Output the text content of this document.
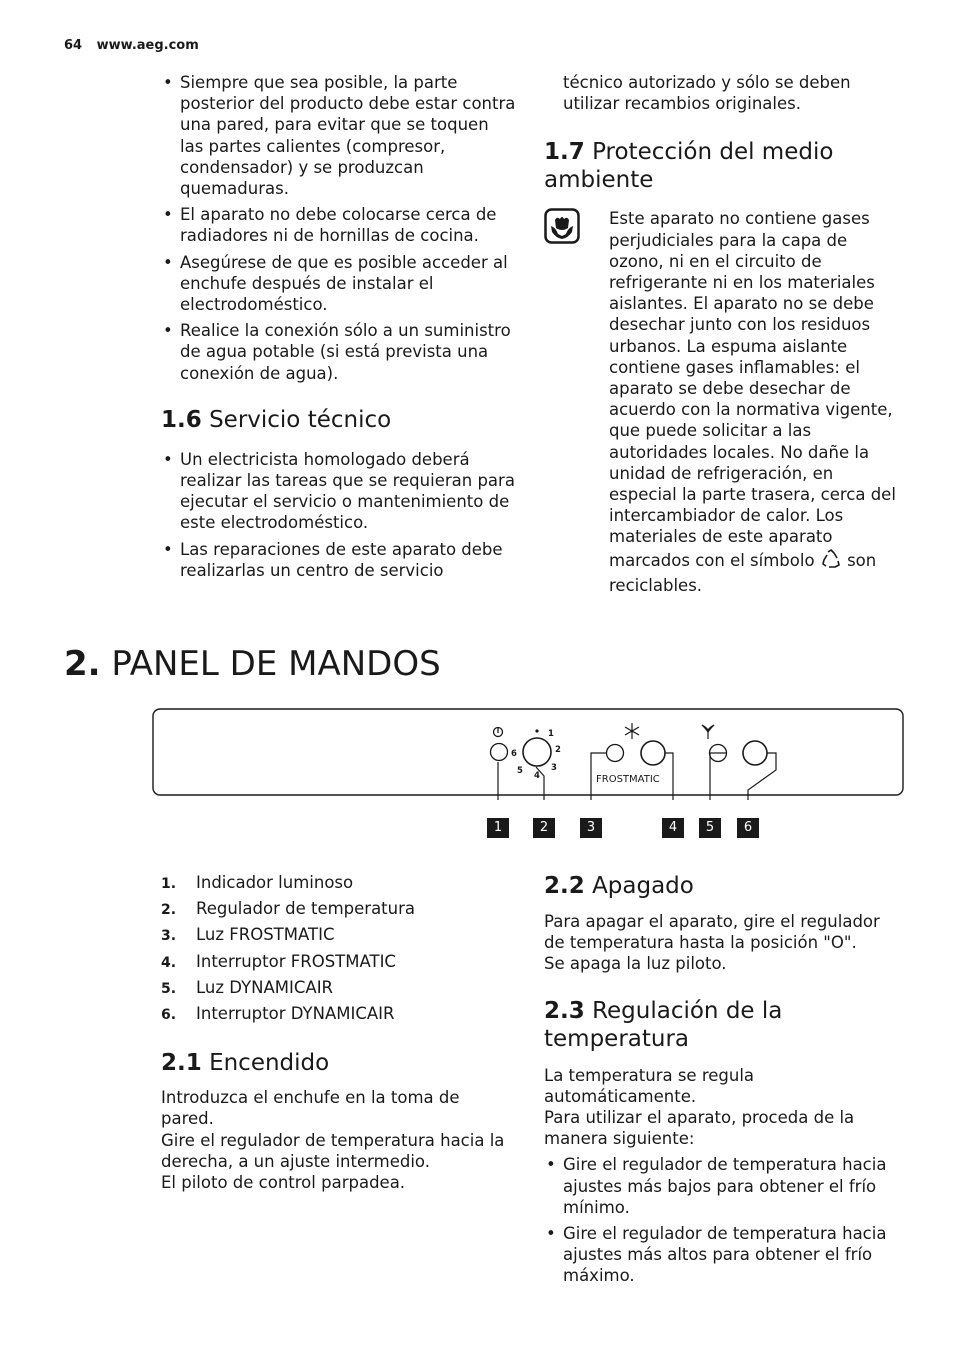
64 www.aeg.com
• Siempre que sea posible, la parte posterior del producto debe estar contra una pared, para evitar que se toquen las partes calientes (compresor, condensador) y se produzcan quemaduras.
• El aparato no debe colocarse cerca de radiadores ni de hornillas de cocina.
• Asegúrese de que es posible acceder al enchufe después de instalar el electrodoméstico.
• Realice la conexión sólo a un suministro de agua potable (si está prevista una conexión de agua).
1.6 Servicio técnico
• Un electricista homologado deberá realizar las tareas que se requieran para ejecutar el servicio o mantenimiento de este electrodoméstico.
• Las reparaciones de este aparato debe realizarlas un centro de servicio

técnico autorizado y sólo se deben utilizar recambios originales.

1.7 Protección del medio ambiente

Este aparato no contiene gases perjudiciales para la capa de ozono, ni en el circuito de refrigerante ni en los materiales aislantes. El aparato no se debe desechar junto con los residuos urbanos. La espuma aislante contiene gases inflamables: el aparato se debe desechar de acuerdo con la normativa vigente, que puede solicitar a las autoridades locales. No dañe la unidad de refrigeración, en especial la parte trasera, cerca del intercambiador de calor. Los materiales de este aparato marcados con el símbolo son reciclables.

2. PANEL DE MANDOS
1
2
3
4
5
6
FROSTMATIC
1	2	3	4	5	6
1. Indicador luminoso
2. Regulador de temperatura
3. Luz FROSTMATIC
4. Interruptor FROSTMATIC
5. Luz DYNAMICAIR
6. Interruptor DYNAMICAIR
2.1 Encendido

Introduzca el enchufe en la toma de pared.

Gire el regulador de temperatura hacia la derecha, a un ajuste intermedio.

El piloto de control parpadea.

2.2 Apagado

Para apagar el aparato, gire el regulador de temperatura hasta la posición "O".

Se apaga la luz piloto.

2.3 Regulación de la temperatura

La temperatura se regula automáticamente.

Para utilizar el aparato, proceda de la manera siguiente:

• Gire el regulador de temperatura hacia ajustes más bajos para obtener el frío mínimo.
• Gire el regulador de temperatura hacia ajustes más altos para obtener el frío máximo.
